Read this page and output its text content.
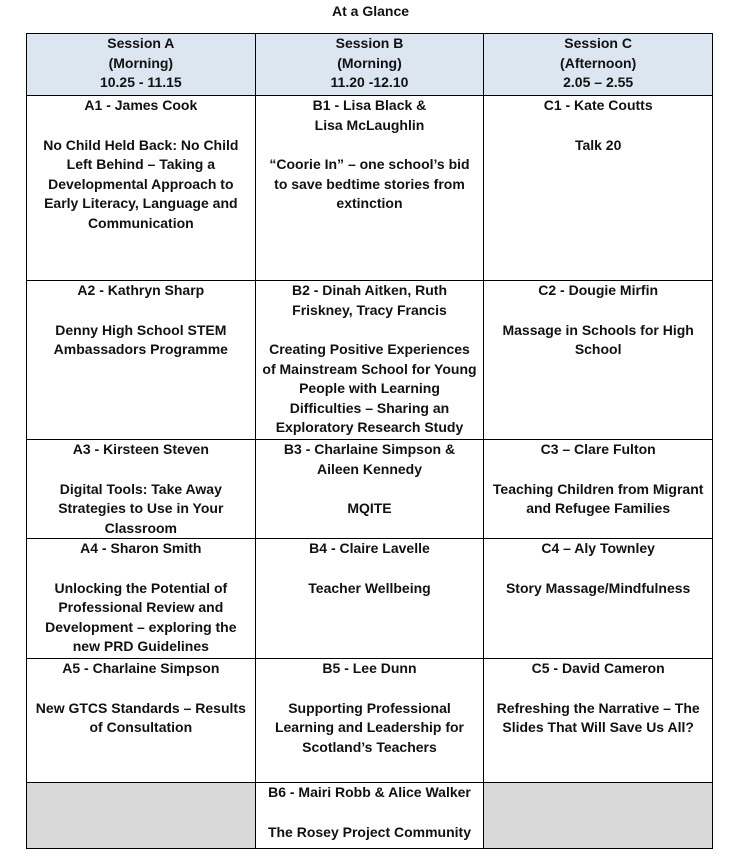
At a Glance
Session A
(Morning)
10.25 - 11.15	Session B
(Morning)
11.20 -12.10	Session C
(Afternoon)
2.05 – 2.55

A1 - James Cook
No Child Held Back: No Child Left Behind – Taking a Developmental Approach to Early Literacy, Language and Communication	B1 - Lisa Black & Lisa McLaughlin
“Coorie In” – one school’s bid to save bedtime stories from extinction	C1 - Kate Coutts
Talk 20

A2 - Kathryn Sharp
Denny High School STEM Ambassadors Programme	B2 - Dinah Aitken, Ruth Friskney, Tracy Francis
Creating Positive Experiences of Mainstream School for Young People with Learning Difficulties – Sharing an Exploratory Research Study	C2 - Dougie Mirfin
Massage in Schools for High School

A3 - Kirsteen Steven
Digital Tools: Take Away Strategies to Use in Your Classroom	B3 - Charlaine Simpson & Aileen Kennedy
MQITE	C3 – Clare Fulton
Teaching Children from Migrant and Refugee Families

A4 - Sharon Smith
Unlocking the Potential of Professional Review and Development – exploring the new PRD Guidelines	B4 - Claire Lavelle
Teacher Wellbeing	C4 – Aly Townley
Story Massage/Mindfulness

A5 - Charlaine Simpson
New GTCS Standards – Results of Consultation	B5 - Lee Dunn
Supporting Professional Learning and Leadership for Scotland’s Teachers	C5 - David Cameron
Refreshing the Narrative – The Slides That Will Save Us All?

	B6 - Mairi Robb & Alice Walker
The Rosey Project Community	
